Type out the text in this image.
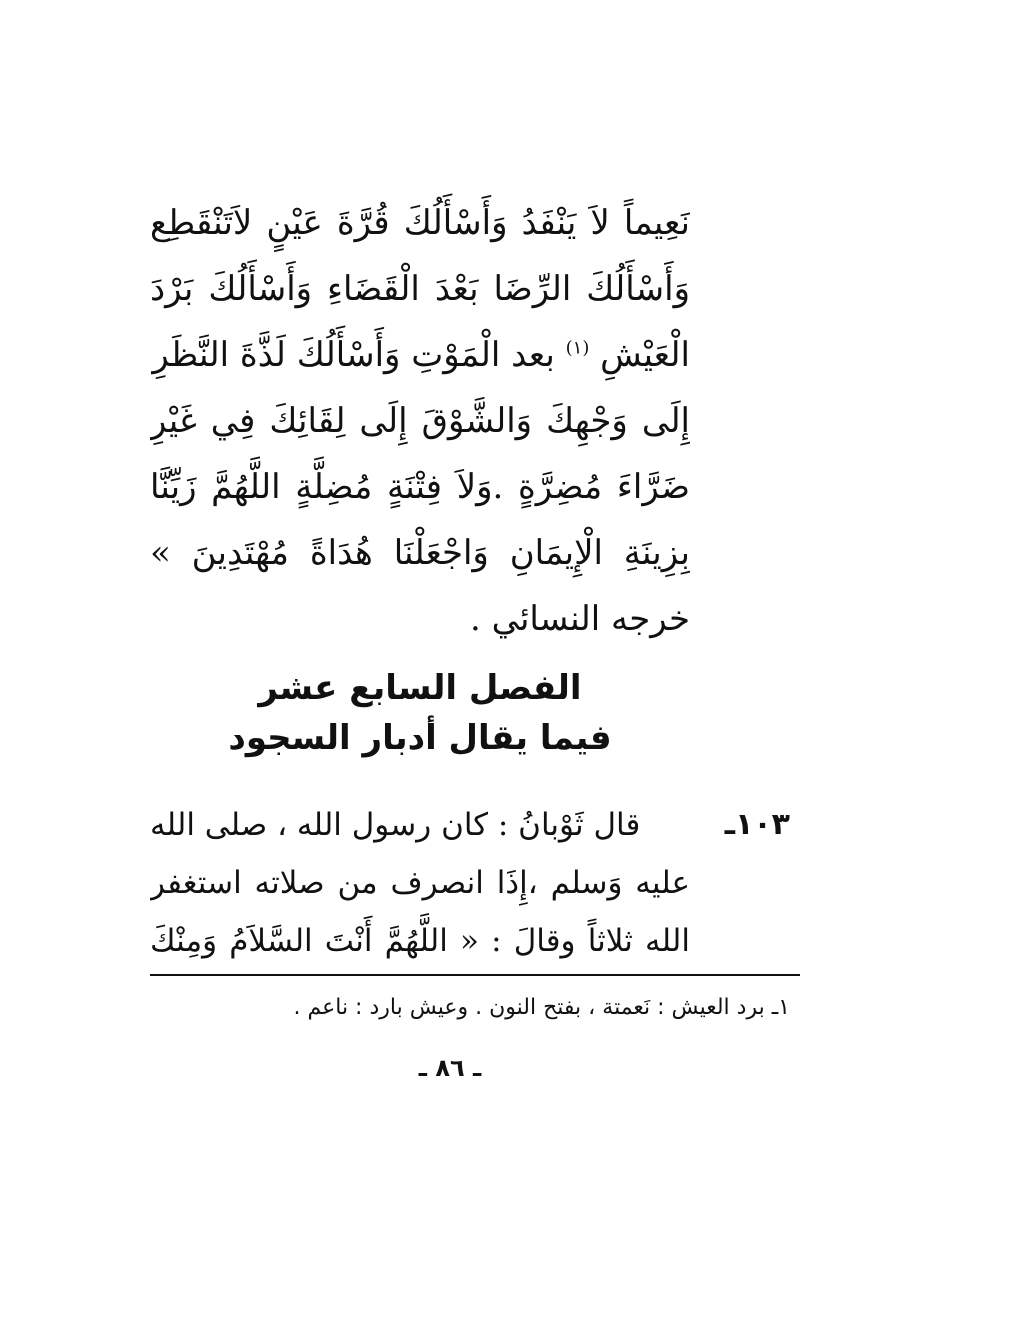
نَعِيماً لاَ يَنْفَدُ وَأَسْأَلُكَ قُرَّةَ عَيْنٍ لاَتَنْقَطِع
وَأَسْأَلُكَ الرِّضَا بَعْدَ الْقَضَاءِ وَأَسْأَلُكَ بَرْدَ
الْعَيْشِ $^{(١)}$ بعد الْمَوْتِ وَأَسْأَلُكَ لَذَّةَ النَّظَرِ
إِلَى وَجْهِكَ وَالشَّوْقَ إِلَى لِقَائِكَ فِي غَيْرِ
ضَرَّاءَ مُضِرَّةٍ .وَلاَ فِتْنَةٍ مُضِلَّةٍ اللَّهُمَّ زَيِّنَّا
بِزِينَةِ الْإِيمَانِ وَاجْعَلْنَا هُدَاةً مُهْتَدِينَ »
خرجه النسائي .
الفصل السابع عشر
فيما يقال أدبار السجود
١٠٣ـ
قال ثَوْبانُ : كان رسول الله ، صلى الله
عليه وَسلم ،إِذَا انصرف من صلاته استغفر
الله ثلاثاً وقالَ : « اللَّهُمَّ أَنْتَ السَّلاَمُ وَمِنْكَ
١ـ برد العيش : نَعمتة ، بفتح النون . وعيش بارد : ناعم .
ـ ٨٦ ـ
